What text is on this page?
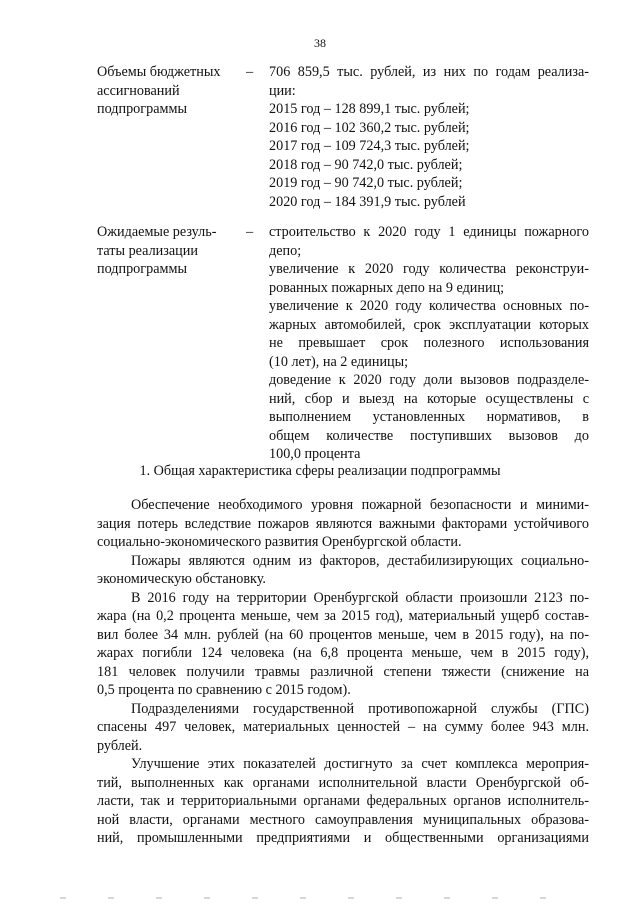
38
Объемы бюджетных
ассигнований
подпрограммы
– 706 859,5 тыс. рублей, из них по годам реализа-
ции:
2015 год – 128 899,1 тыс. рублей;
2016 год – 102 360,2 тыс. рублей;
2017 год – 109 724,3 тыс. рублей;
2018 год – 90 742,0 тыс. рублей;
2019 год – 90 742,0 тыс. рублей;
2020 год – 184 391,9 тыс. рублей
Ожидаемые резуль-
таты реализации
подпрограммы
– строительство к 2020 году 1 единицы пожарного
депо;
увеличение к 2020 году количества реконструи-
рованных пожарных депо на 9 единиц;
увеличение к 2020 году количества основных по-
жарных автомобилей, срок эксплуатации которых
не превышает срок полезного использования
(10 лет), на 2 единицы;
доведение к 2020 году доли вызовов подразделе-
ний, сбор и выезд на которые осуществлены с
выполнением установленных нормативов, в
общем количестве поступивших вызовов до
100,0 процента
1. Общая характеристика сферы реализации подпрограммы
Обеспечение необходимого уровня пожарной безопасности и миними-
зация потерь вследствие пожаров являются важными факторами устойчивого
социально-экономического развития Оренбургской области.
Пожары являются одним из факторов, дестабилизирующих социально-
экономическую обстановку.
В 2016 году на территории Оренбургской области произошли 2123 по-
жара (на 0,2 процента меньше, чем за 2015 год), материальный ущерб состав-
вил более 34 млн. рублей (на 60 процентов меньше, чем в 2015 году), на по-
жарах погибли 124 человека (на 6,8 процента меньше, чем в 2015 году),
181 человек получили травмы различной степени тяжести (снижение на
0,5 процента по сравнению с 2015 годом).
Подразделениями государственной противопожарной службы (ГПС)
спасены 497 человек, материальных ценностей – на сумму более 943 млн.
рублей.
Улучшение этих показателей достигнуто за счет комплекса мероприя-
тий, выполненных как органами исполнительной власти Оренбургской об-
ласти, так и территориальными органами федеральных органов исполнитель-
ной власти, органами местного самоуправления муниципальных образова-
ний, промышленными предприятиями и общественными организациями
